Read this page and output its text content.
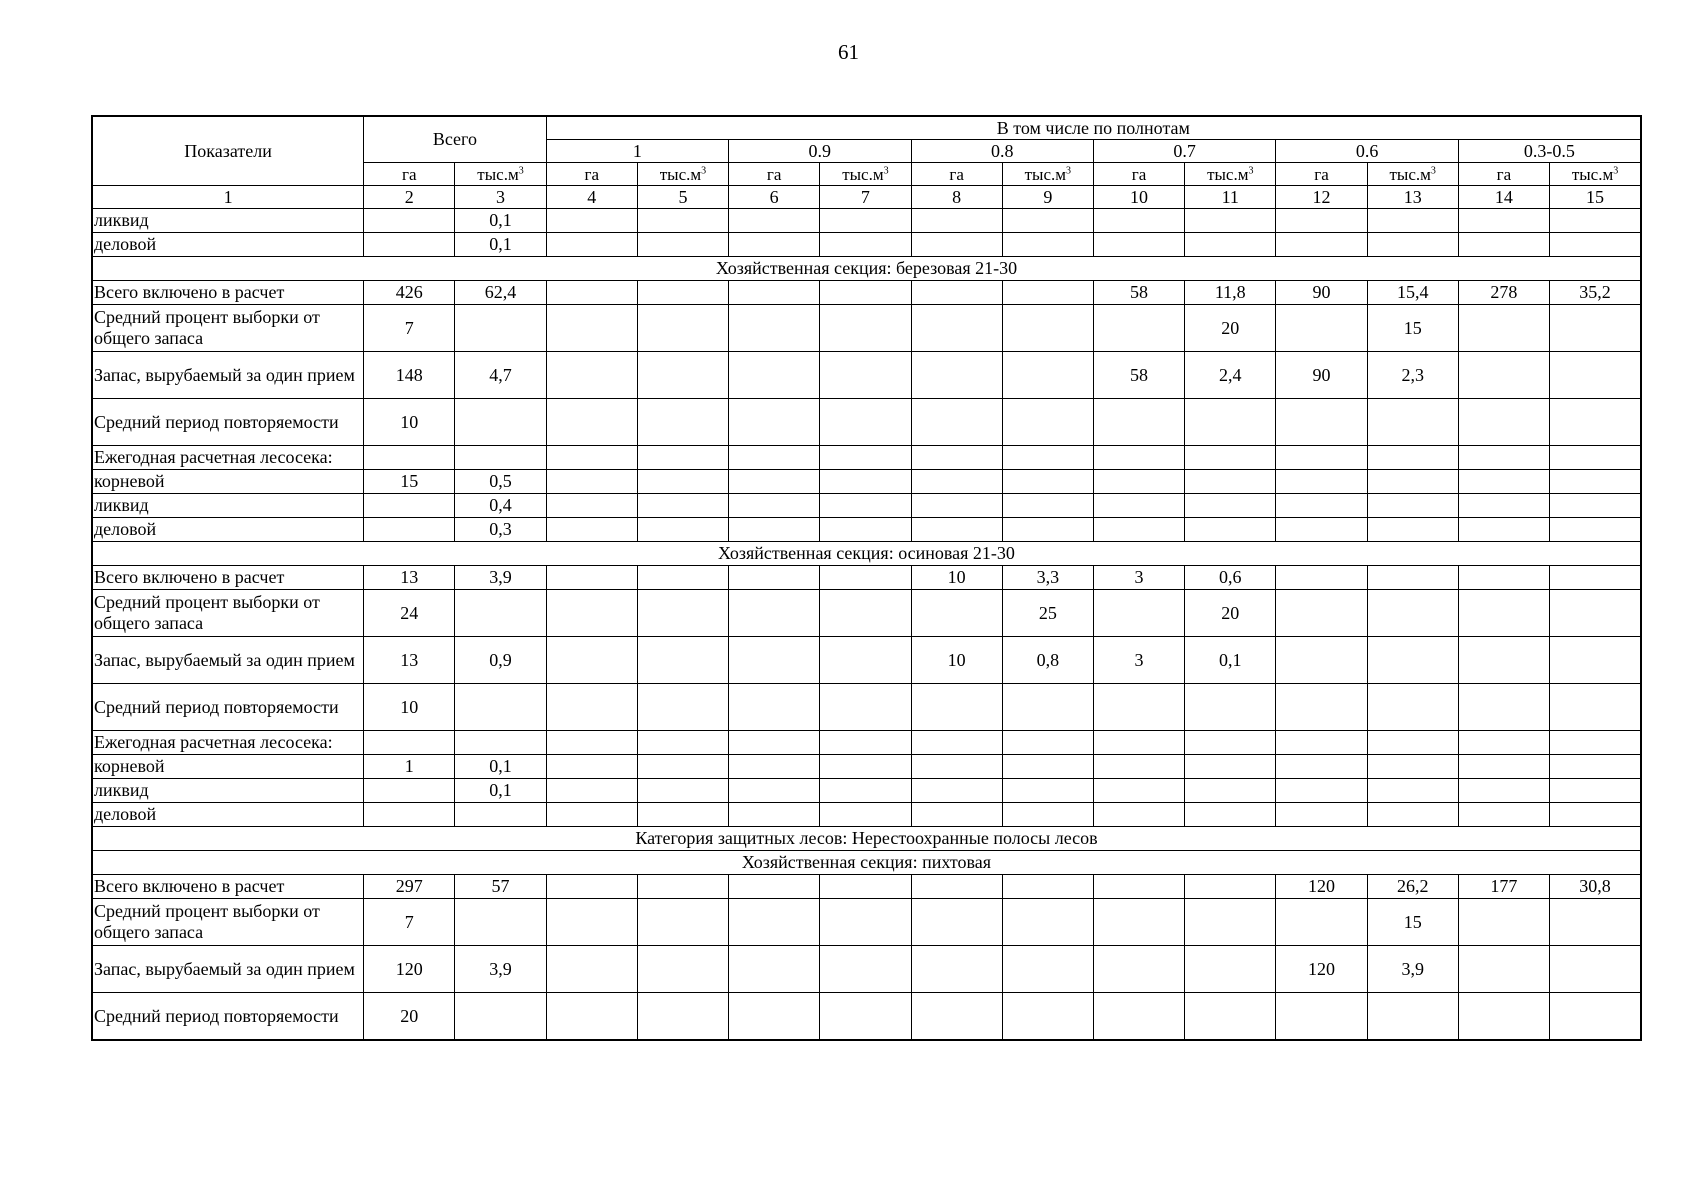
61
Показатели	Всего		В том числе по полнотам											
			1		0.9		0.8		0.7		0.6		0.3-0.5	
	га	$тыс.м^3$	га	$тыс.м^3$	га	$тыс.м^3$	га	$тыс.м^3$	га	$тыс.м^3$	га	$тыс.м^3$	га	$тыс.м^3$
1	2	3	4	5	6	7	8	9	10	11	12	13	14	15
ликвид		0,1												
деловой		0,1												
Хозяйственная секция: березовая 21-30														
Всего включено в расчет	426	62,4							58	11,8	90	15,4	278	35,2
Средний процент выборки от общего запаса	7									20		15		
Запас, вырубаемый за один прием	148	4,7							58	2,4	90	2,3		
Средний период повторяемости	10													
Ежегодная расчетная лесосека:														
корневой	15	0,5												
ликвид		0,4												
деловой		0,3												
Хозяйственная секция: осиновая 21-30														
Всего включено в расчет	13	3,9					10	3,3	3	0,6				
Средний процент выборки от общего запаса	24							25		20				
Запас, вырубаемый за один прием	13	0,9					10	0,8	3	0,1				
Средний период повторяемости	10													
Ежегодная расчетная лесосека:														
корневой	1	0,1												
ликвид		0,1												
деловой														
Категория защитных лесов: Нерестоохранные полосы лесов														
Хозяйственная секция: пихтовая														
Всего включено в расчет	297	57									120	26,2	177	30,8
Средний процент выборки от общего запаса	7											15		
Запас, вырубаемый за один прием	120	3,9									120	3,9		
Средний период повторяемости	20													
